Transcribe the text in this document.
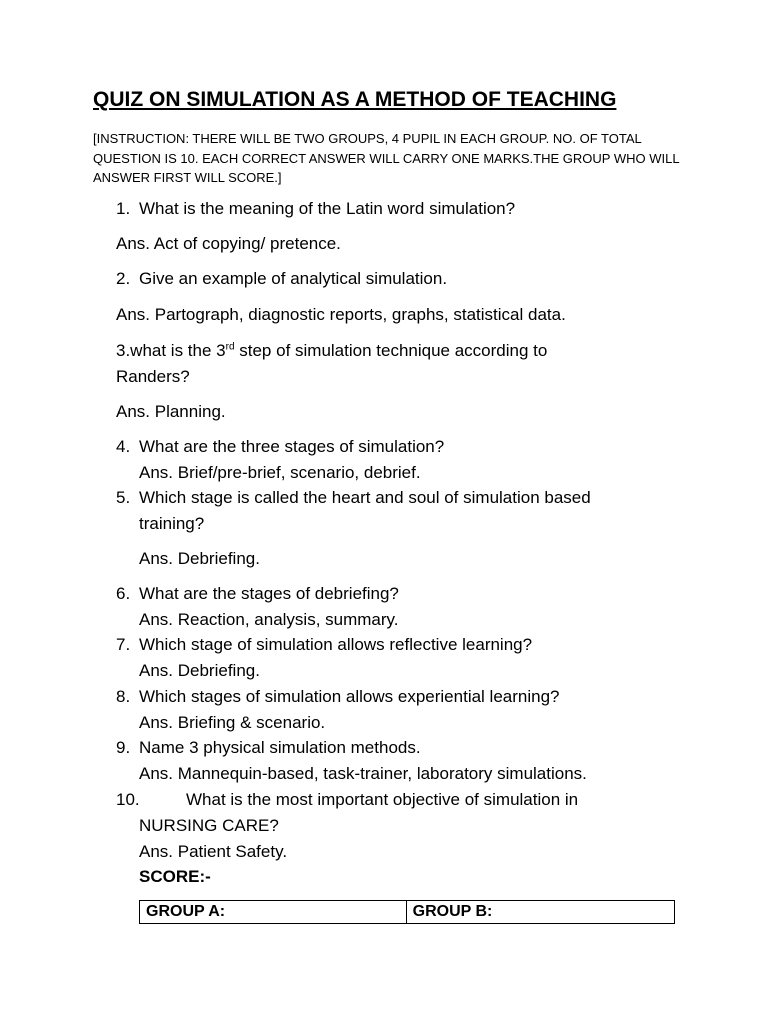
QUIZ ON SIMULATION AS A METHOD OF TEACHING
[INSTRUCTION: THERE WILL BE TWO GROUPS, 4 PUPIL IN EACH GROUP. NO. OF TOTAL QUESTION IS 10. EACH CORRECT ANSWER WILL CARRY ONE MARKS.THE GROUP WHO WILL ANSWER FIRST WILL SCORE.]
1. What is the meaning of the Latin word simulation?
Ans. Act of copying/ pretence.
2. Give an example of analytical simulation.
Ans. Partograph, diagnostic reports, graphs, statistical data.
3.what is the 3rd step of simulation technique according to
Randers?
Ans. Planning.
4. What are the three stages of simulation?
Ans. Brief/pre-brief, scenario, debrief.
5. Which stage is called the heart and soul of simulation based
training?
Ans. Debriefing.
6. What are the stages of debriefing?
Ans. Reaction, analysis, summary.
7. Which stage of simulation allows reflective learning?
Ans. Debriefing.
8. Which stages of simulation allows experiential learning?
Ans. Briefing & scenario.
9. Name 3 physical simulation methods.
Ans. Mannequin-based, task-trainer, laboratory simulations.
10.	What is the most important objective of simulation in
NURSING CARE?
Ans. Patient Safety.
SCORE:-
GROUP A:	GROUP B:
